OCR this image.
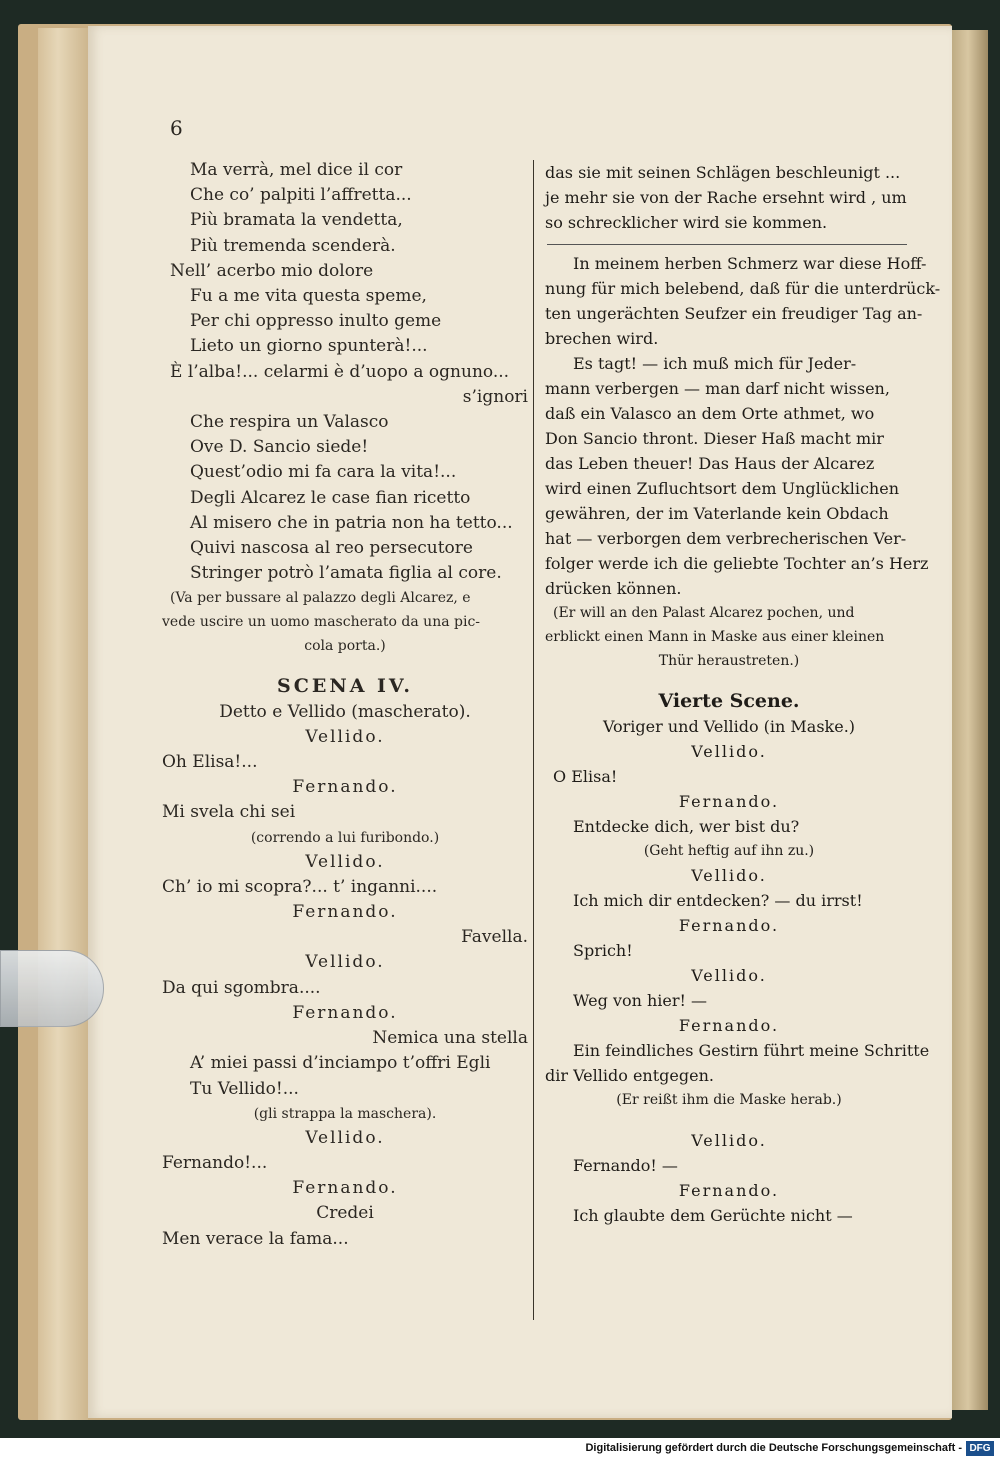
6
Ma verrà, mel dice il cor
Che co’ palpiti l’affretta...
Più bramata la vendetta,
Più tremenda scenderà.
Nell’ acerbo mio dolore
Fu a me vita questa speme,
Per chi oppresso inulto geme
Lieto un giorno spunterà!...
È l’alba!... celarmi è d’uopo a ognuno...
s’ignori
Che respira un Valasco
Ove D. Sancio siede!
Quest’odio mi fa cara la vita!...
Degli Alcarez le case fian ricetto
Al misero che in patria non ha tetto...
Quivi nascosa al reo persecutore
Stringer potrò l’amata figlia al core.
(Va per bussare al palazzo degli Alcarez, e
vede uscire un uomo mascherato da una pic-
cola porta.)
SCENA IV.
Detto e Vellido (mascherato).
Vellido.
Oh Elisa!...
Fernando.
Mi svela chi sei
(correndo a lui furibondo.)
Vellido.
Ch’ io mi scopra?... t’ inganni....
Fernando.
Favella.
Vellido.
Da qui sgombra....
Fernando.
Nemica una stella
A’ miei passi d’inciampo t’offri Egli
Tu Vellido!...
(gli strappa la maschera).
Vellido.
Fernando!...
Fernando.
Credei
Men verace la fama...
das sie mit seinen Schlägen beschleunigt ...
je mehr sie von der Rache ersehnt wird , um
so schrecklicher wird sie kommen.
In meinem herben Schmerz war diese Hoff-
nung für mich belebend, daß für die unterdrück-
ten ungerächten Seufzer ein freudiger Tag an-
brechen wird.
Es tagt! — ich muß mich für Jeder-
mann verbergen — man darf nicht wissen,
daß ein Valasco an dem Orte athmet, wo
Don Sancio thront. Dieser Haß macht mir
das Leben theuer! Das Haus der Alcarez
wird einen Zufluchtsort dem Unglücklichen
gewähren, der im Vaterlande kein Obdach
hat — verborgen dem verbrecherischen Ver-
folger werde ich die geliebte Tochter an’s Herz
drücken können.
(Er will an den Palast Alcarez pochen, und
erblickt einen Mann in Maske aus einer kleinen
Thür heraustreten.)
Vierte Scene.
Voriger und Vellido (in Maske.)
Vellido.
O Elisa!
Fernando.
Entdecke dich, wer bist du?
(Geht heftig auf ihn zu.)
Vellido.
Ich mich dir entdecken? — du irrst!
Fernando.
Sprich!
Vellido.
Weg von hier! —
Fernando.
Ein feindliches Gestirn führt meine Schritte
dir Vellido entgegen.
(Er reißt ihm die Maske herab.)
Vellido.
Fernando! —
Fernando.
Ich glaubte dem Gerüchte nicht —
Digitalisierung gefördert durch die Deutsche Forschungsgemeinschaft - DFG
